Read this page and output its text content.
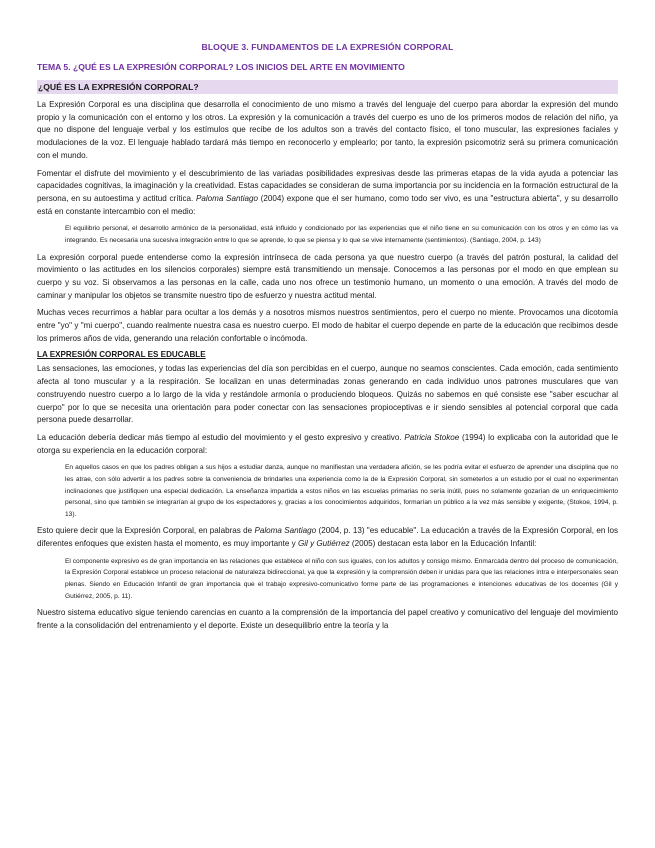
BLOQUE 3. FUNDAMENTOS DE LA EXPRESIÓN CORPORAL
TEMA 5. ¿QUÉ ES LA EXPRESIÓN CORPORAL? LOS INICIOS DEL ARTE EN MOVIMIENTO
¿QUÉ ES LA EXPRESIÓN CORPORAL?

La Expresión Corporal es una disciplina que desarrolla el conocimiento de uno mismo a través del lenguaje del cuerpo para abordar la expresión del mundo propio y la comunicación con el entorno y los otros. La expresión y la comunicación a través del cuerpo es uno de los primeros modos de relación del niño, ya que no dispone del lenguaje verbal y los estímulos que recibe de los adultos son a través del contacto físico, el tono muscular, las expresiones faciales y modulaciones de la voz. El lenguaje hablado tardará más tiempo en reconocerlo y emplearlo; por tanto, la expresión psicomotriz será su primera comunicación con el mundo.

Fomentar el disfrute del movimiento y el descubrimiento de las variadas posibilidades expresivas desde las primeras etapas de la vida ayuda a potenciar las capacidades cognitivas, la imaginación y la creatividad. Estas capacidades se consideran de suma importancia por su incidencia en la formación estructural de la persona, en su autoestima y actitud crítica. Paloma Santiago (2004) expone que el ser humano, como todo ser vivo, es una "estructura abierta", y su desarrollo está en constante intercambio con el medio:

El equilibrio personal, el desarrollo armónico de la personalidad, está influido y condicionado por las experiencias que el niño tiene en su comunicación con los otros y en cómo las va integrando. Es necesaria una sucesiva integración entre lo que se aprende, lo que se piensa y lo que se vive internamente (sentimientos). (Santiago, 2004, p. 143)

La expresión corporal puede entenderse como la expresión intrínseca de cada persona ya que nuestro cuerpo (a través del patrón postural, la calidad del movimiento o las actitudes en los silencios corporales) siempre está transmitiendo un mensaje. Conocemos a las personas por el modo en que emplean su cuerpo y su voz. Si observamos a las personas en la calle, cada uno nos ofrece un testimonio humano, un momento o una emoción. A través del modo de caminar y manipular los objetos se transmite nuestro tipo de esfuerzo y nuestra actitud mental.

Muchas veces recurrimos a hablar para ocultar a los demás y a nosotros mismos nuestros sentimientos, pero el cuerpo no miente. Provocamos una dicotomía entre "yo" y "mi cuerpo", cuando realmente nuestra casa es nuestro cuerpo. El modo de habitar el cuerpo depende en parte de la educación que recibimos desde los primeros años de vida, generando una relación confortable o incómoda.

LA EXPRESIÓN CORPORAL ES EDUCABLE

Las sensaciones, las emociones, y todas las experiencias del día son percibidas en el cuerpo, aunque no seamos conscientes. Cada emoción, cada sentimiento afecta al tono muscular y a la respiración. Se localizan en unas determinadas zonas generando en cada individuo unos patrones musculares que van construyendo nuestro cuerpo a lo largo de la vida y restándole armonía o produciendo bloqueos. Quizás no sabemos en qué consiste ese "saber escuchar al cuerpo" por lo que se necesita una orientación para poder conectar con las sensaciones propioceptivas e ir siendo sensibles al potencial corporal que cada persona puede desarrollar.

La educación debería dedicar más tiempo al estudio del movimiento y el gesto expresivo y creativo. Patricia Stokoe (1994) lo explicaba con la autoridad que le otorga su experiencia en la educación corporal:

En aquellos casos en que los padres obligan a sus hijos a estudiar danza, aunque no manifiestan una verdadera afición, se les podría evitar el esfuerzo de aprender una disciplina que no les atrae, con sólo advertir a los padres sobre la conveniencia de brindarles una experiencia como la de la Expresión Corporal, sin someterlos a un estudio por el cual no experimentan inclinaciones que justifiquen una especial dedicación. La enseñanza impartida a estos niños en las escuelas primarias no sería inútil, pues no solamente gozarían de un enriquecimiento personal, sino que también se integrarían al grupo de los espectadores y, gracias a los conocimientos adquiridos, formarían un público a la vez más sensible y exigente, (Stokoe, 1994, p. 13).

Esto quiere decir que la Expresión Corporal, en palabras de Paloma Santiago (2004, p. 13) "es educable". La educación a través de la Expresión Corporal, en los diferentes enfoques que existen hasta el momento, es muy importante y Gil y Gutiérrez (2005) destacan esta labor en la Educación Infantil:

El componente expresivo es de gran importancia en las relaciones que establece el niño con sus iguales, con los adultos y consigo mismo. Enmarcada dentro del proceso de comunicación, la Expresión Corporal establece un proceso relacional de naturaleza bidireccional, ya que la expresión y la comprensión deben ir unidas para que las relaciones intra e interpersonales sean plenas. Siendo en Educación Infantil de gran importancia que el trabajo expresivo-comunicativo forme parte de las programaciones e intenciones educativas de los docentes (Gil y Gutiérrez, 2005, p. 11).

Nuestro sistema educativo sigue teniendo carencias en cuanto a la comprensión de la importancia del papel creativo y comunicativo del lenguaje del movimiento frente a la consolidación del entrenamiento y el deporte. Existe un desequilibrio entre la teoría y la
